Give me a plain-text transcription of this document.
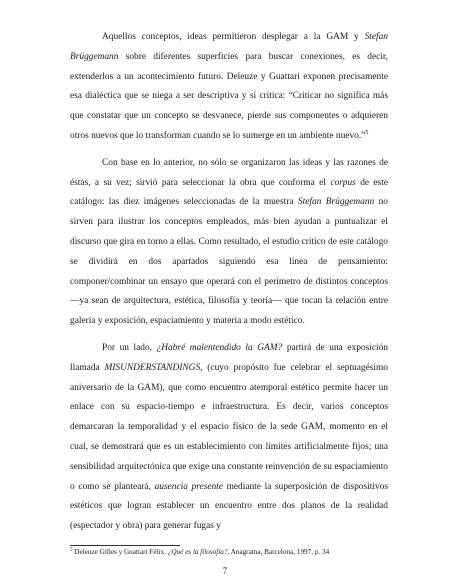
Aquellos conceptos, ideas permitieron desplegar a la GAM y Stefan Brüggemann sobre diferentes superficies para buscar conexiones, es decir, extenderlos a un acontecimiento futuro. Deleuze y Guattari exponen precisamente esa dialéctica que se niega a ser descriptiva y sí crítica: “Criticar no significa más que constatar que un concepto se desvanece, pierde sus componentes o adquieren otros nuevos que lo transforman cuando se lo sumerge en un ambiente nuevo.”$^5$

Con base en lo anterior, no sólo se organizaron las ideas y las razones de éstas, a su vez; sirvió para seleccionar la obra que conforma el corpus de este catálogo: las diez imágenes seleccionadas de la muestra Stefan Brüggemann no sirven para ilustrar los conceptos empleados, más bien ayudan a puntualizar el discurso que gira en torno a ellas. Como resultado, el estudio crítico de este catálogo se dividirá en dos apartados siguiendo esa línea de pensamiento: componer/combinar un ensayo que operará con el perímetro de distintos conceptos —ya sean de arquitectura, estética, filosofía y teoría— que tocan la relación entre galería y exposición, espaciamiento y materia a modo estético.

Por un lado, ¿Habré malentendido la GAM? partirá de una exposición llamada MISUNDERSTANDINGS, (cuyo propósito fue celebrar el septuagésimo aniversario de la GAM), que como encuentro atemporal estético permite hacer un enlace con su espacio-tiempo e infraestructura. Es decir, varios conceptos demarcaran la temporalidad y el espacio físico de la sede GAM, momento en el cual, se demostrará que es un establecimiento con límites artificialmente fijos; una sensibilidad arquitectónica que exige una constante reinvención de su espaciamiento o como se planteará, ausencia presente mediante la superposición de dispositivos estéticos que logran establecer un encuentro entre dos planos de la realidad (espectador y obra) para generar fugas y

$^5$ Deleuze Gilles y Guattari Félix. ¿Qué es la filosofía?, Anagrama, Barcelona, 1997, p. 34
7
